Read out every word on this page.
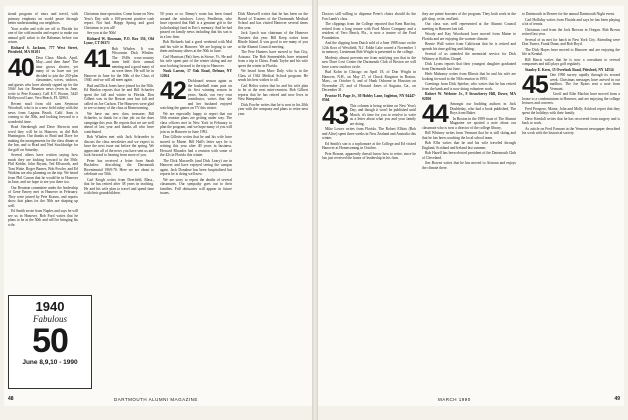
tional program of tours and travel, with primary emphasis on world peace through better understanding our neighbors.

Your scribe and wife are off to Florida for one of the cold months and expect to make our annual golf safari to the Bahamas before our return.

Richard S. Jackson, 777 West Street, Pittsfield, MA 01201

40 Dear Class: March, April, May—and then June! The time grows shorter, yet many of us have not yet decided to join the 250-plus classmates, wives, widows, and guests who have already signed up for the 50th! Just for Reunion news (even in June, write to Pete Krauss). Call E.T. Brown, 5445 Hollywood Lane, Vero Beach, FL 32963.

Recent mail from old sam Seymour Woodruff, who is in a new field today with the news from Laguna Beach, Calif. Sam is coming to the 50th, and looking forward to a wonderful time.

Brad Sternbergh and Dave Sherwin sent word they will be in Hanover, as did Bob Huntington. Our thanks to Brad and Dave for making the arrangements for the class dinner at the Inn, and to Brad and Ned Stockbridge for the golf on Saturday.

Several others have written saying how much they are looking forward to the 50th: Phil Kidder, John Bryant, Ted Ellsworth, and Tom Waite. Roger Barnes, Bob Fowler, and Ed Watkins are also planning on the trip. We heard from Phil Curran that he would be in Hanover in June, and we hope to see you there too.

Our Reunion committee under the leadership of Gene Emery met in Hanover in February. They were joined by Pete Krauss, and reports show that plans for the 50th are shaping up well.

Ed Smith wrote from Naples and says he will see us in Hanover. Bob Ford writes that he plans to be at the 50th and will be bringing his wife.

Christmas time operation. Come home on New Year's Day with a 100-percent positive cash report. Not bad. Happy Spring and good Christmas to you all!

See you at the 50th!

Richard W. Bowman, P.O. Box 336, Old Lyme, CT 06371

41 Bob Whalen. It was Wisconsin Dick Whalen. The 1940s cross-country team held their annual meeting and a good many of us were there. He will be in Hanover in June for the 50th of the Class of 1940, and we will all meet again.

Bud and Dick Jones have joined for the 50th. Ed Hanlon reports that he and Bill Schaefer spent the fall and winter in Florida. Don Gilbert was in the Boston area last fall and called on Joe Carlson. The Hanovers were glad to see so many of the class at Homecoming.

We have our new class treasurer, Bill Schaefer, to thank for a fine job on the dues campaign this year. He reports that we are well ahead of last year and thanks all who have contributed.

Bob Whalen met with Jack Schroeder to discuss the class newsletter and we expect to have the next issue out before the spring. We appreciate all of the news you have sent us and look forward to hearing from more of you.

Peter has received a letter from Sarah Buckelew describing the Dartmouth Bicentennial 1969-70. Here we are about to celebrate our 50th.

Carl Krogh writes from Deerfield, Mass., that he has retired after 38 years in teaching. He and his wife plan to travel and spend time with their grandchildren.

50 years or so. Benny's room has been found around the windows. Leroy Pendleton, who have reported that Hall is a genuine gift to the (scholarship) fund in Eric's memory. And he had passed on family news including that his son is in a law firm.

Bob Richards had a good weekend with Mal and his wife in Hanover. We are hoping to see them and many others at the 50th in June.

Carl Harrison (Pat) lives in Stowe, Vt. He and his wife spent part of the winter skiing and are now looking forward to the trip to Hanover.

Nook Larsen, 17 Oak Road, Delmar, NY 12054

42 Dickboard season again as the basketball team puts on its first winning season in years. Sarah, our very own contributor, writes that she and her husband enjoyed watching the games on TV this winter.

We are especially happy to report that our 50th reunion plans are getting under way. The class officers met in New York in February to plan the program, and we hope many of you will join us in Hanover in June 1992.

Don Gillette writes that he and his wife have moved to Maine. Bill Hall's letter says he is retiring this year after 40 years in business. Howard Rhoades had a reunion with some of the 42s in Florida this winter.

The Dick Maxwells (and Dick Leary) are in Hanover and have enjoyed seeing the campus again. Jack Donahue has been hospitalized but reports he is doing well now.

We are sorry to report the deaths of several classmates. Our sympathy goes out to their families. Full obituaries will appear in future issues.

Dick Maxwell writes that he has been on the Board of Trustees of the Dartmouth Medical School and has visited Hanover several times this year.

Jack Lynch was chairman of the Hanover Trustees this year. Bill Keep writes from Rhode Island. It was good to see many of you at the Alumni Council meeting.

The Pete Hunters have moved to Sun City, Arizona. The Bob Sonnenfelds have returned from a trip to China. Frank Taylor and his wife spent the winter in Florida.

We heard from Marv Daly, who is in the Class of 1942 Medical School program. He sends his best wishes to all.

Carl Heliot writes that he and his wife plan to be at the next mini-reunion. Bob Gilbert reports that he has retired and now lives in New Hampshire.

Dick Fowler writes that he is now in his 20th year with the company and plans to retire next year.

48	DARTMOUTH ALUMNI MAGAZINE
1940
Fabulous
50
June 8,9,10 - 1990

Doctors still willing to dispense Peter's chairs should do the Fan Lamb's class.

The clippings from the College reported that Kent Barclay, retired from a long tenure with Ford Motor Company and a resident of Vero Beach, Fla., is now a trustee of the Ford Foundation.

And the clipping from Dutch sold of a June 1988 issue on the 12th floor of Westfield, N.J. Eddie Lake roared a November 1 in memory. Lieutenant Bob Wright is presented to the college.

Modesty almost prevents me from notifying you that in the new Dave Lovi Center the Dartmouth Club of Boston we will have a new outdoor circle.

Bud Kohn in Chicago on April 18, of Don Wright in Hanover, N.H., on May 27, of Chuck Kingston in Boston, Mass., on October 6, and of Hank Osborne in Houston on November 25, and of Howard Jones of Augusta, Ga., on December 31.

Proctor H. Page Jr., 30 Hobby Lane, Ingleton, NY 04447-0564

43 This column is being written on New Year's Day, and though it won't be published until March, it's time for you to resolve to write us a letter about what you and your family are doing.

Mike Lower writes from Florida. The Robert Elliots (Bob and Alice) spent three weeks in New Zealand and Australia this winter.

Ed Smith's son is a sophomore at the College and Ed visited Hanover at Homecoming in October.

Pete Bourne, apparently doesn't know how to retire, since he has just received the honor of leadership in his firm.

they are prime boosters of the program. They both work in the gift shop, write, and knit.

Our class was well represented at the Alumni Council meeting in Hanover last fall.

Woody and Kay Woodward have moved from Maine to Florida and are enjoying the warmer climate.

Bernie Wall writes from California that he is retired and spends his time golfing and fishing.

Several of us attended the memorial service for Dick Whitney at Rollins Chapel.

Dick Lyons reports that their youngest daughter graduated from Dartmouth last June.

Herb Mahoney writes from Illinois that he and his wife are looking forward to the 50th reunion in 1993.

Greetings from Dick Spieker, who writes that he has retired from the bank and is now doing volunteer work.

Robert W. Webster Jr., 9 Strawberry Hill, Dover, MA 02030

44 Amongst our budding authors in Jack Doubleday, who had a book published, The Boys from Baker.

In Boston in the 1989 issue of The Alumni Magazine we spotted a note about our classmate who is now a director of the college library.

Bill Whitney writes from Vermont that he is still skiing and that he has been coaching the local school team.

Bob Ellis writes that he and his wife traveled through England, Scotland and Ireland last summer.

Bob Hazell has been elected president of the Dartmouth Club of Cleveland.

Jim Rowen writes that he has moved to Arizona and enjoys the climate there.

to Dartmouth in Denver for the annual Dartmouth Night event.

Carl Holliday writes from Florida and says he has been playing a lot of tennis.

Christmas card from the Jack Browns in Oregon. Bob Brown retired last year.

Several of us met for lunch in New York City. Attending were Don Turner, Frank Dunn, and Bob Boyd.

The Dick Hayes have moved to Hanover and are enjoying the life at Kendal.

Bill Harris writes that he is now a consultant to several companies and still plays golf regularly.

Stanley E. Kern, 15 Overlook Road, Pittsford, NY 14534

45 One 1990 survey rapidly through its second week. Christmas messages have arrived in our mailbox. The Joe Ryans sent a note from Vermont.

Geoff and Edie Machin have moved from a house to a condominium in Hanover, and are enjoying the college lectures and concerts.

Fred Prospero, Maine, John and Molly Ashford report that they spent the holidays with their family.

Dave Kendall writes that he has recovered from surgery and is back to work.

As article on Fred Farnum in the Vermont newspaper described his work with the historical society.

MARCH 1990	49
